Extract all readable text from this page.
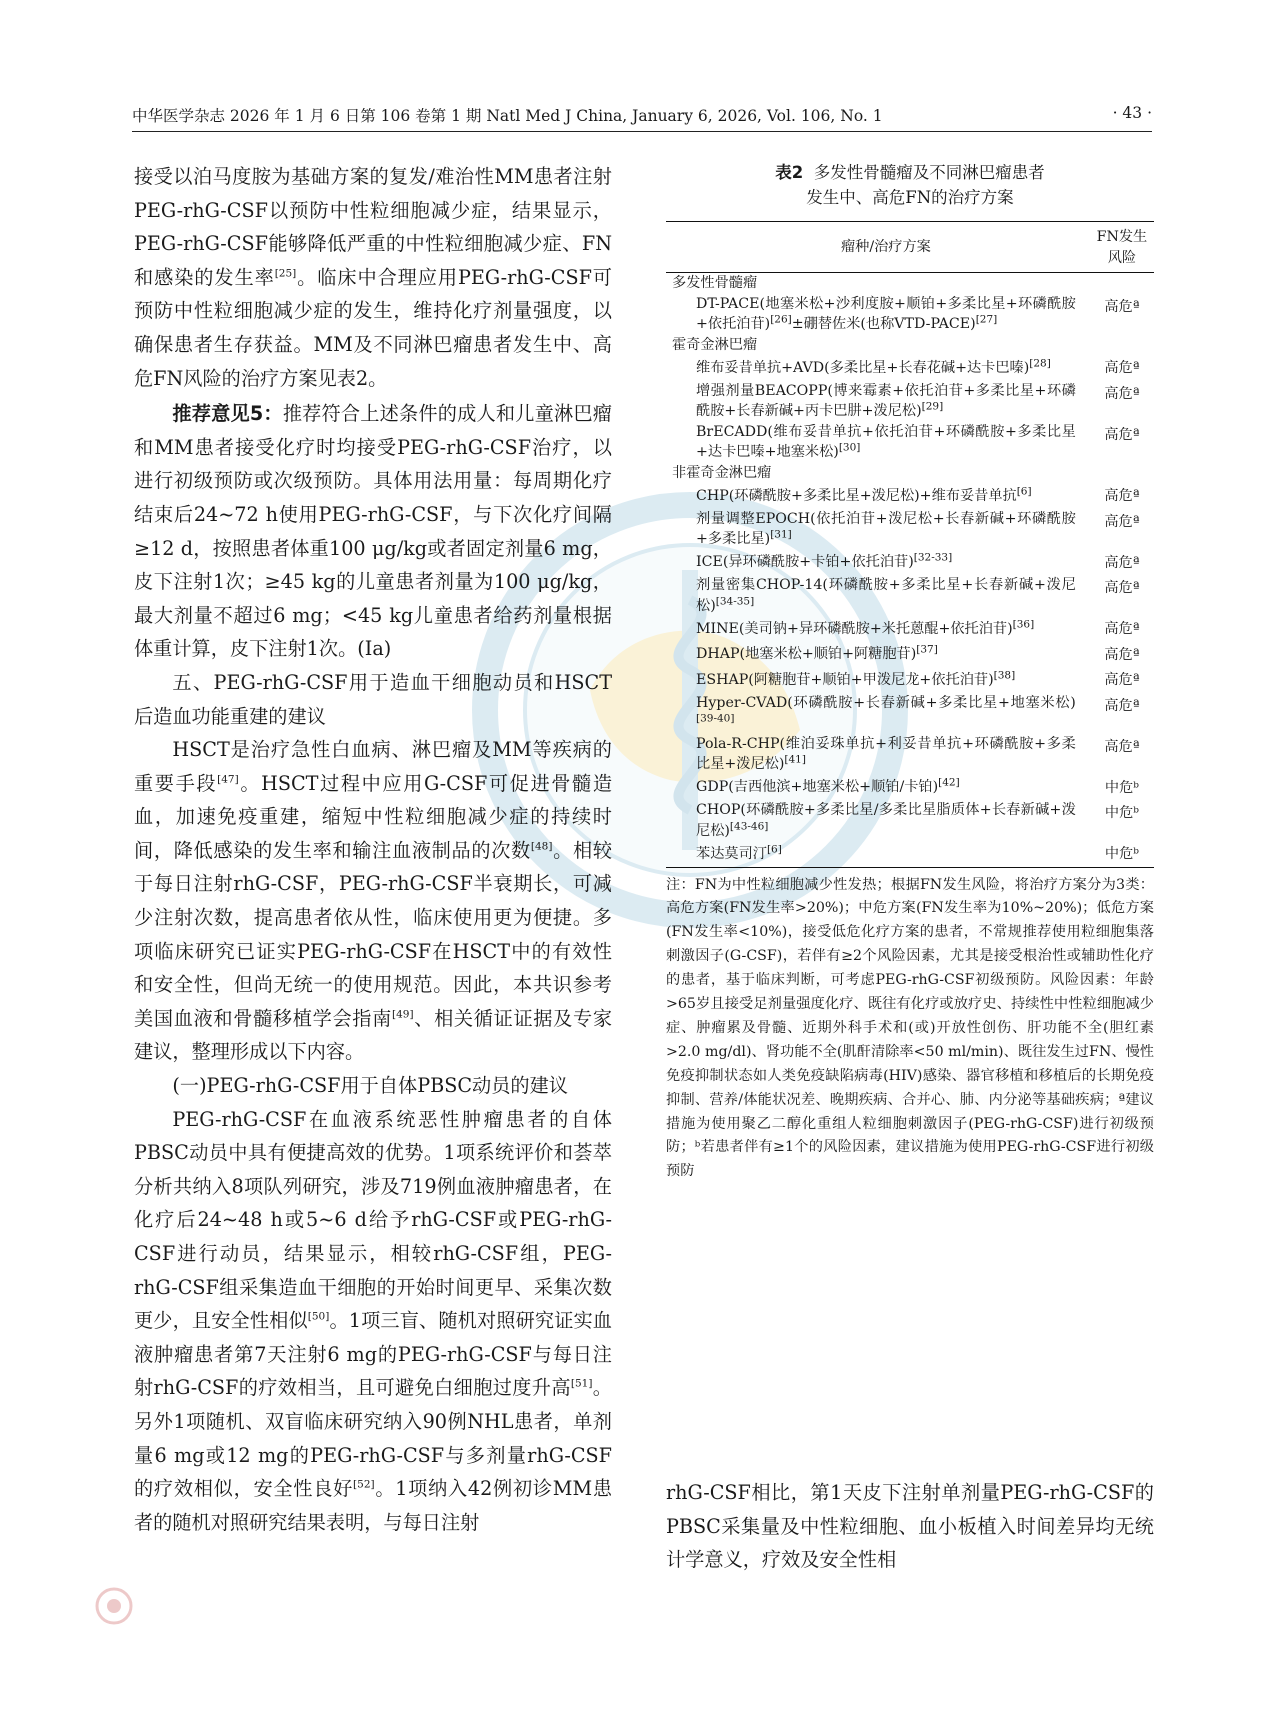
中华医学杂志 2026 年 1 月 6 日第 106 卷第 1 期 Natl Med J China, January 6, 2026, Vol. 106, No. 1	· 43 ·

接受以泊马度胺为基础方案的复发/难治性MM患者注射PEG-rhG-CSF以预防中性粒细胞减少症，结果显示，PEG-rhG-CSF能够降低严重的中性粒细胞减少症、FN和感染的发生率[25]。临床中合理应用PEG-rhG-CSF可预防中性粒细胞减少症的发生，维持化疗剂量强度，以确保患者生存获益。MM及不同淋巴瘤患者发生中、高危FN风险的治疗方案见表2。

推荐意见5：推荐符合上述条件的成人和儿童淋巴瘤和MM患者接受化疗时均接受PEG-rhG-CSF治疗，以进行初级预防或次级预防。具体用法用量：每周期化疗结束后24~72 h使用PEG-rhG-CSF，与下次化疗间隔≥12 d，按照患者体重100 μg/kg或者固定剂量6 mg，皮下注射1次；≥45 kg的儿童患者剂量为100 μg/kg，最大剂量不超过6 mg；<45 kg儿童患者给药剂量根据体重计算，皮下注射1次。(Ⅰa)

五、PEG-rhG-CSF用于造血干细胞动员和HSCT后造血功能重建的建议

HSCT是治疗急性白血病、淋巴瘤及MM等疾病的重要手段[47]。HSCT过程中应用G-CSF可促进骨髓造血，加速免疫重建，缩短中性粒细胞减少症的持续时间，降低感染的发生率和输注血液制品的次数[48]。相较于每日注射rhG-CSF，PEG-rhG-CSF半衰期长，可减少注射次数，提高患者依从性，临床使用更为便捷。多项临床研究已证实PEG-rhG-CSF在HSCT中的有效性和安全性，但尚无统一的使用规范。因此，本共识参考美国血液和骨髓移植学会指南[49]、相关循证证据及专家建议，整理形成以下内容。

(一)PEG-rhG-CSF用于自体PBSC动员的建议

PEG-rhG-CSF在血液系统恶性肿瘤患者的自体PBSC动员中具有便捷高效的优势。1项系统评价和荟萃分析共纳入8项队列研究，涉及719例血液肿瘤患者，在化疗后24~48 h或5~6 d给予rhG-CSF或PEG-rhG-CSF进行动员，结果显示，相较rhG-CSF组，PEG-rhG-CSF组采集造血干细胞的开始时间更早、采集次数更少，且安全性相似[50]。1项三盲、随机对照研究证实血液肿瘤患者第7天注射6 mg的PEG-rhG-CSF与每日注射rhG-CSF的疗效相当，且可避免白细胞过度升高[51]。另外1项随机、双盲临床研究纳入90例NHL患者，单剂量6 mg或12 mg的PEG-rhG-CSF与多剂量rhG-CSF的疗效相似，安全性良好[52]。1项纳入42例初诊MM患者的随机对照研究结果表明，与每日注射

表2 多发性骨髓瘤及不同淋巴瘤患者
发生中、高危FN的治疗方案
瘤种/治疗方案	FN发生
风险

多发性骨髓瘤	
DT-PACE(地塞米松+沙利度胺+顺铂+多柔比星+环磷酰胺+依托泊苷)[26]±硼替佐米(也称VTD-PACE)[27]	高危ª
霍奇金淋巴瘤	
维布妥昔单抗+AVD(多柔比星+长春花碱+达卡巴嗪)[28]	高危ª
增强剂量BEACOPP(博来霉素+依托泊苷+多柔比星+环磷酰胺+长春新碱+丙卡巴肼+泼尼松)[29]	高危ª
BrECADD(维布妥昔单抗+依托泊苷+环磷酰胺+多柔比星+达卡巴嗪+地塞米松)[30]	高危ª
非霍奇金淋巴瘤	
CHP(环磷酰胺+多柔比星+泼尼松)+维布妥昔单抗[6]	高危ª
剂量调整EPOCH(依托泊苷+泼尼松+长春新碱+环磷酰胺+多柔比星)[31]	高危ª
ICE(异环磷酰胺+卡铂+依托泊苷)[32-33]	高危ª
剂量密集CHOP-14(环磷酰胺+多柔比星+长春新碱+泼尼松)[34-35]	高危ª
MINE(美司钠+异环磷酰胺+米托蒽醌+依托泊苷)[36]	高危ª
DHAP(地塞米松+顺铂+阿糖胞苷)[37]	高危ª
ESHAP(阿糖胞苷+顺铂+甲泼尼龙+依托泊苷)[38]	高危ª
Hyper-CVAD(环磷酰胺+长春新碱+多柔比星+地塞米松)[39-40]	高危ª
Pola-R-CHP(维泊妥珠单抗+利妥昔单抗+环磷酰胺+多柔比星+泼尼松)[41]	高危ª
GDP(吉西他滨+地塞米松+顺铂/卡铂)[42]	中危ᵇ
CHOP(环磷酰胺+多柔比星/多柔比星脂质体+长春新碱+泼尼松)[43-46]	中危ᵇ
苯达莫司汀[6]	中危ᵇ
注：FN为中性粒细胞减少性发热；根据FN发生风险，将治疗方案分为3类：高危方案(FN发生率>20%)；中危方案(FN发生率为10%~20%)；低危方案(FN发生率<10%)，接受低危化疗方案的患者，不常规推荐使用粒细胞集落刺激因子(G-CSF)，若伴有≥2个风险因素，尤其是接受根治性或辅助性化疗的患者，基于临床判断，可考虑PEG-rhG-CSF初级预防。风险因素：年龄>65岁且接受足剂量强度化疗、既往有化疗或放疗史、持续性中性粒细胞减少症、肿瘤累及骨髓、近期外科手术和(或)开放性创伤、肝功能不全(胆红素>2.0 mg/dl)、肾功能不全(肌酐清除率<50 ml/min)、既往发生过FN、慢性免疫抑制状态如人类免疫缺陷病毒(HIV)感染、器官移植和移植后的长期免疫抑制、营养/体能状况差、晚期疾病、合并心、肺、内分泌等基础疾病；ª建议措施为使用聚乙二醇化重组人粒细胞刺激因子(PEG-rhG-CSF)进行初级预防；ᵇ若患者伴有≥1个的风险因素，建议措施为使用PEG-rhG-CSF进行初级预防

rhG-CSF相比，第1天皮下注射单剂量PEG-rhG-CSF的PBSC采集量及中性粒细胞、血小板植入时间差异均无统计学意义，疗效及安全性相
